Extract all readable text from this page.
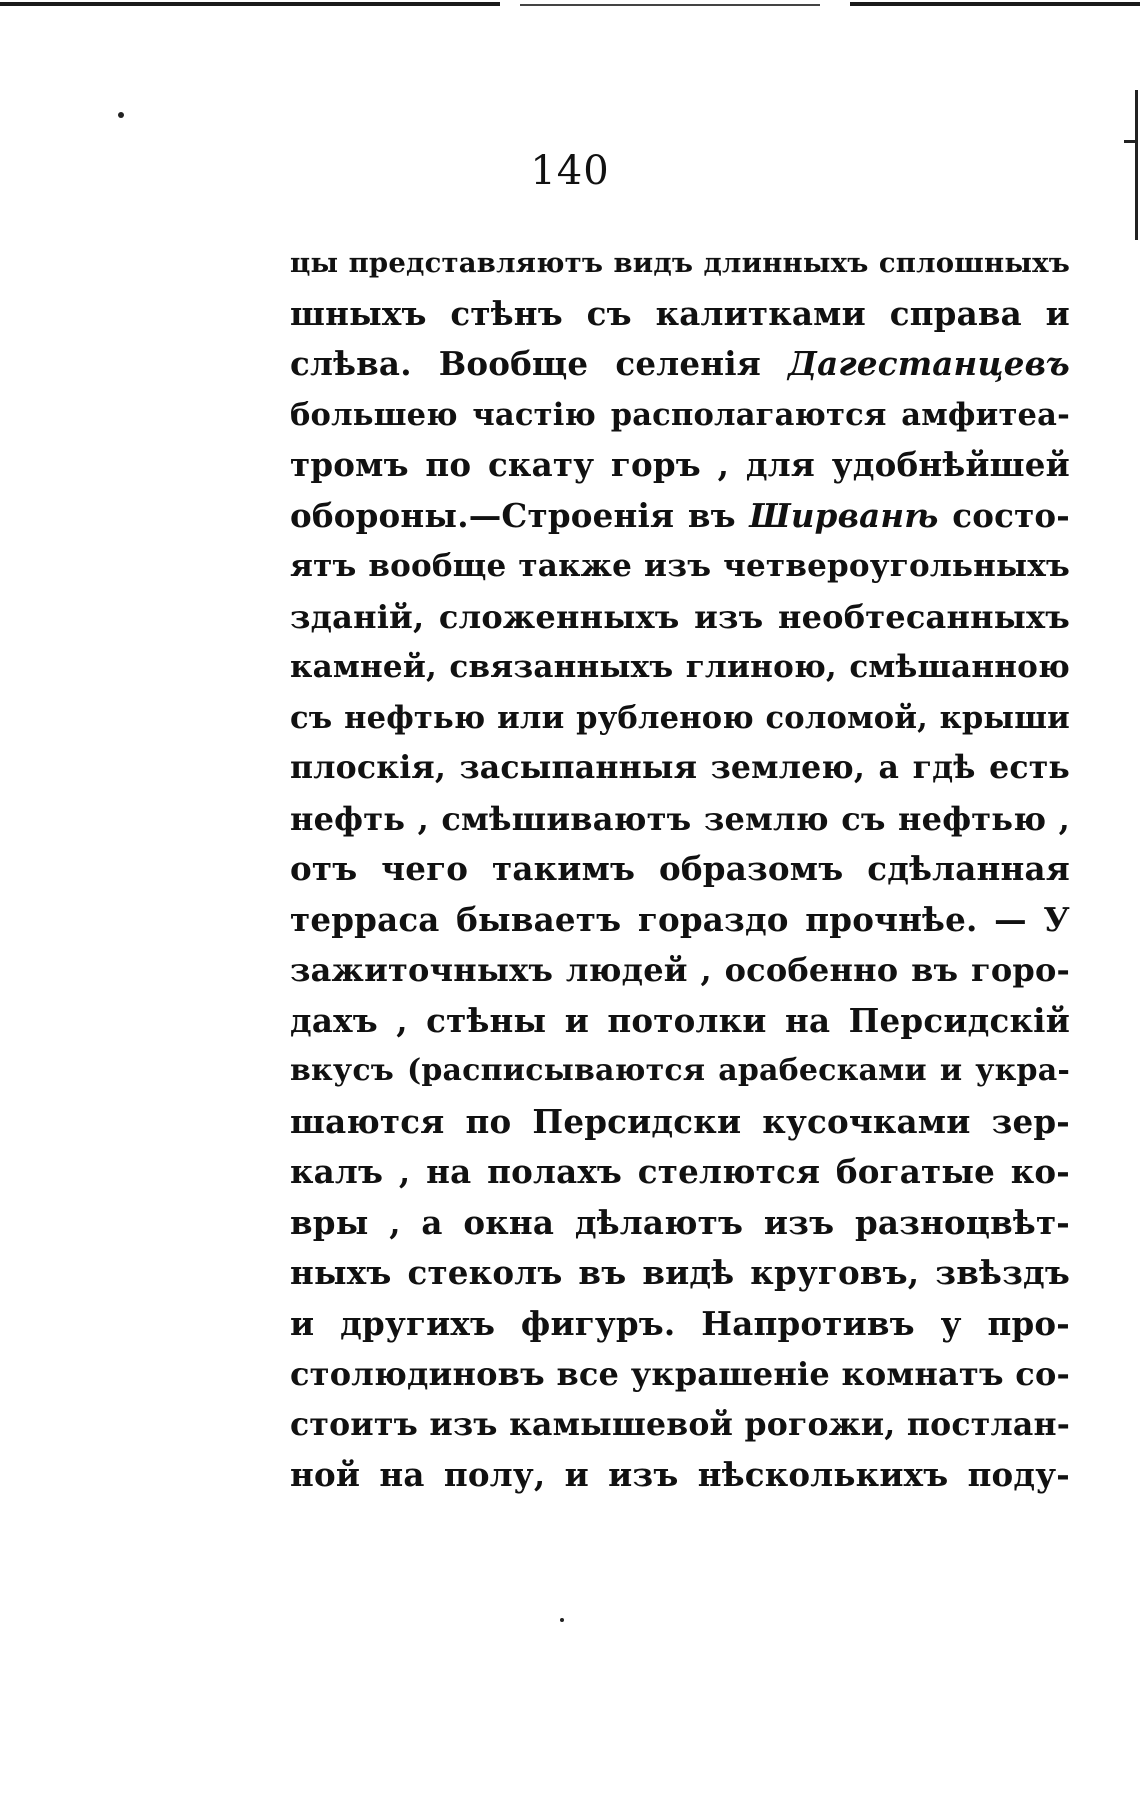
140
цы представляютъ видъ длинныхъ сплошныхъ
шныхъ стѣнъ съ калитками справа и
слѣва. Вообще селенія Дагестанцевъ
большею частію располагаются амфитеа-
тромъ по скату горъ , для удобнѣйшей
обороны.—Строенія въ Ширванѣ состо-
ятъ вообще также изъ четвероугольныхъ
зданій, сложенныхъ изъ необтесанныхъ
камней, связанныхъ глиною, смѣшанною
съ нефтью или рубленою соломой, крыши
плоскія, засыпанныя землею, а гдѣ есть
нефть , смѣшиваютъ землю съ нефтью ,
отъ чего такимъ образомъ сдѣланная
терраса бываетъ гораздо прочнѣе. — У
зажиточныхъ людей , особенно въ горо-
дахъ , стѣны и потолки на Персидскій
вкусъ (расписываются арабесками и укра-
шаются по Персидски кусочками зер-
калъ , на полахъ стелются богатые ко-
вры , а окна дѣлаютъ изъ разноцвѣт-
ныхъ стеколъ въ видѣ круговъ, звѣздъ
и другихъ фигуръ. Напротивъ у про-
столюдиновъ все украшеніе комнатъ со-
стоитъ изъ камышевой рогожи, постлан-
ной на полу, и изъ нѣсколькихъ поду-
